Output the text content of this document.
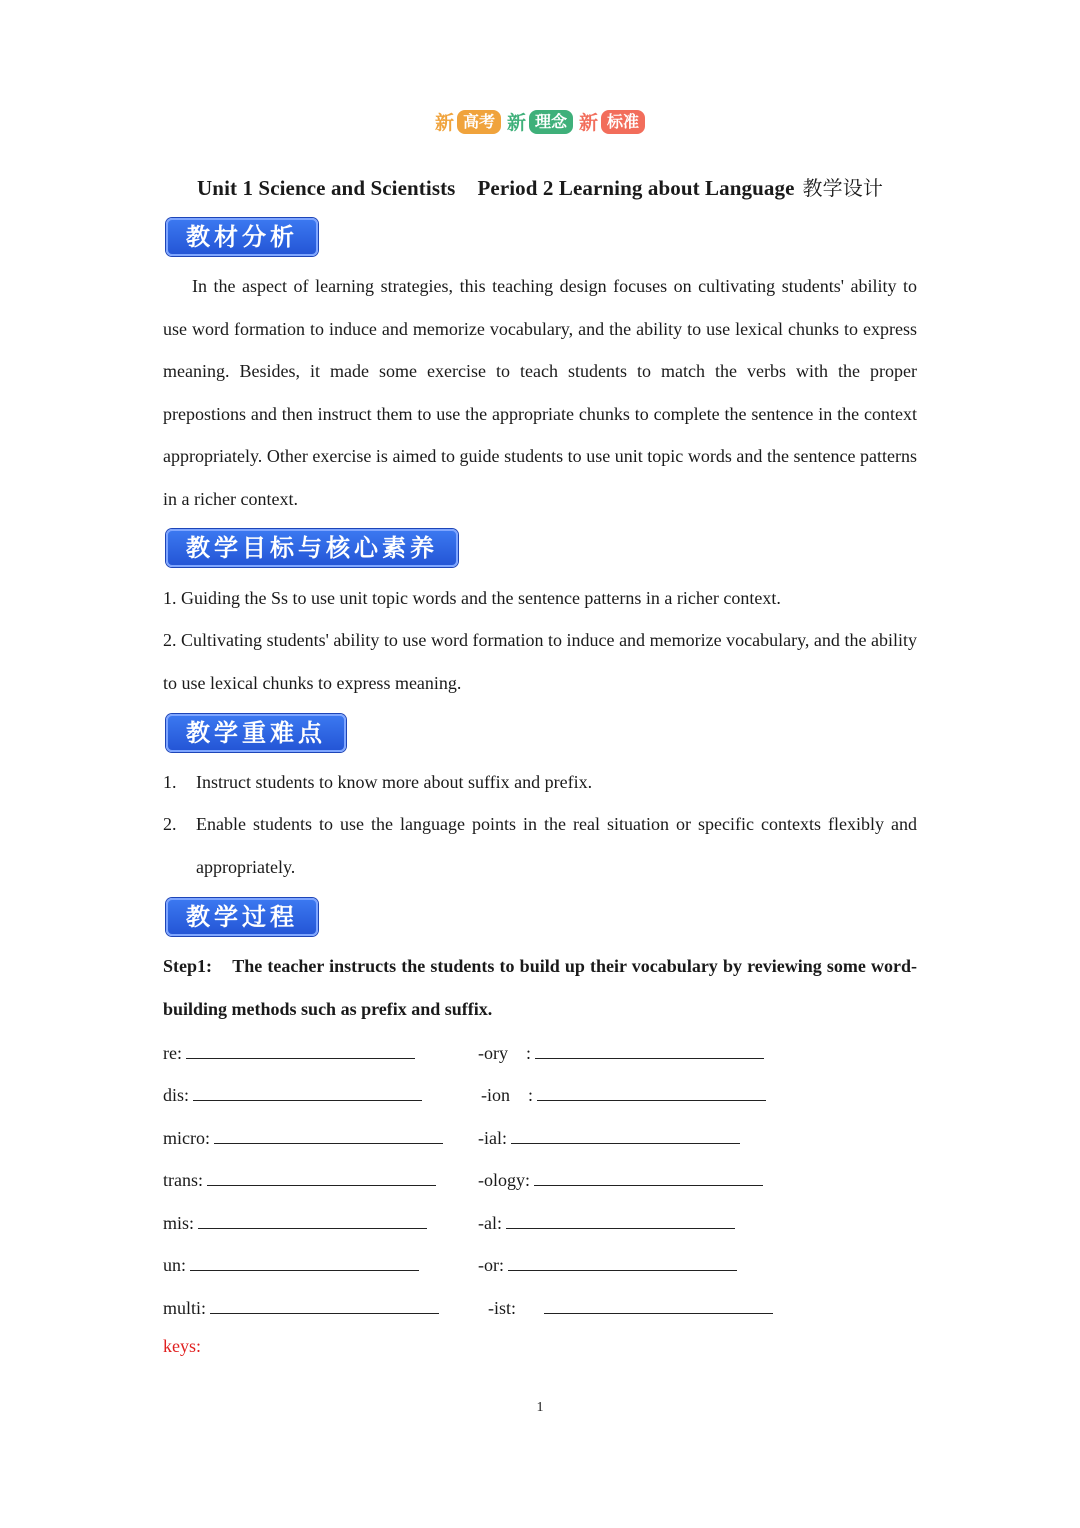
新 高考
新 理念
新 标准
Unit 1 Science and Scientists Period 2 Learning about Language 教学设计
教材分析
In the aspect of learning strategies, this teaching design focuses on cultivating students' ability to use word formation to induce and memorize vocabulary, and the ability to use lexical chunks to express meaning. Besides, it made some exercise to teach students to match the verbs with the proper prepostions and then instruct them to use the appropriate chunks to complete the sentence in the context appropriately. Other exercise is aimed to guide students to use unit topic words and the sentence patterns in a richer context.
教学目标与核心素养
1. Guiding the Ss to use unit topic words and the sentence patterns in a richer context.
2. Cultivating students' ability to use word formation to induce and memorize vocabulary, and the ability to use lexical chunks to express meaning.
教学重难点
1. Instruct students to know more about suffix and prefix.
2. Enable students to use the language points in the real situation or specific contexts flexibly and appropriately.
教学过程
Step1:    The teacher instructs the students to build up their vocabulary by reviewing some word-building methods such as prefix and suffix.
re:
dis:
micro:
trans:
mis:
un:
multi:
-ory    :
-ion    :
-ial:
-ology:
-al:
-or:
-ist:
keys:
1
